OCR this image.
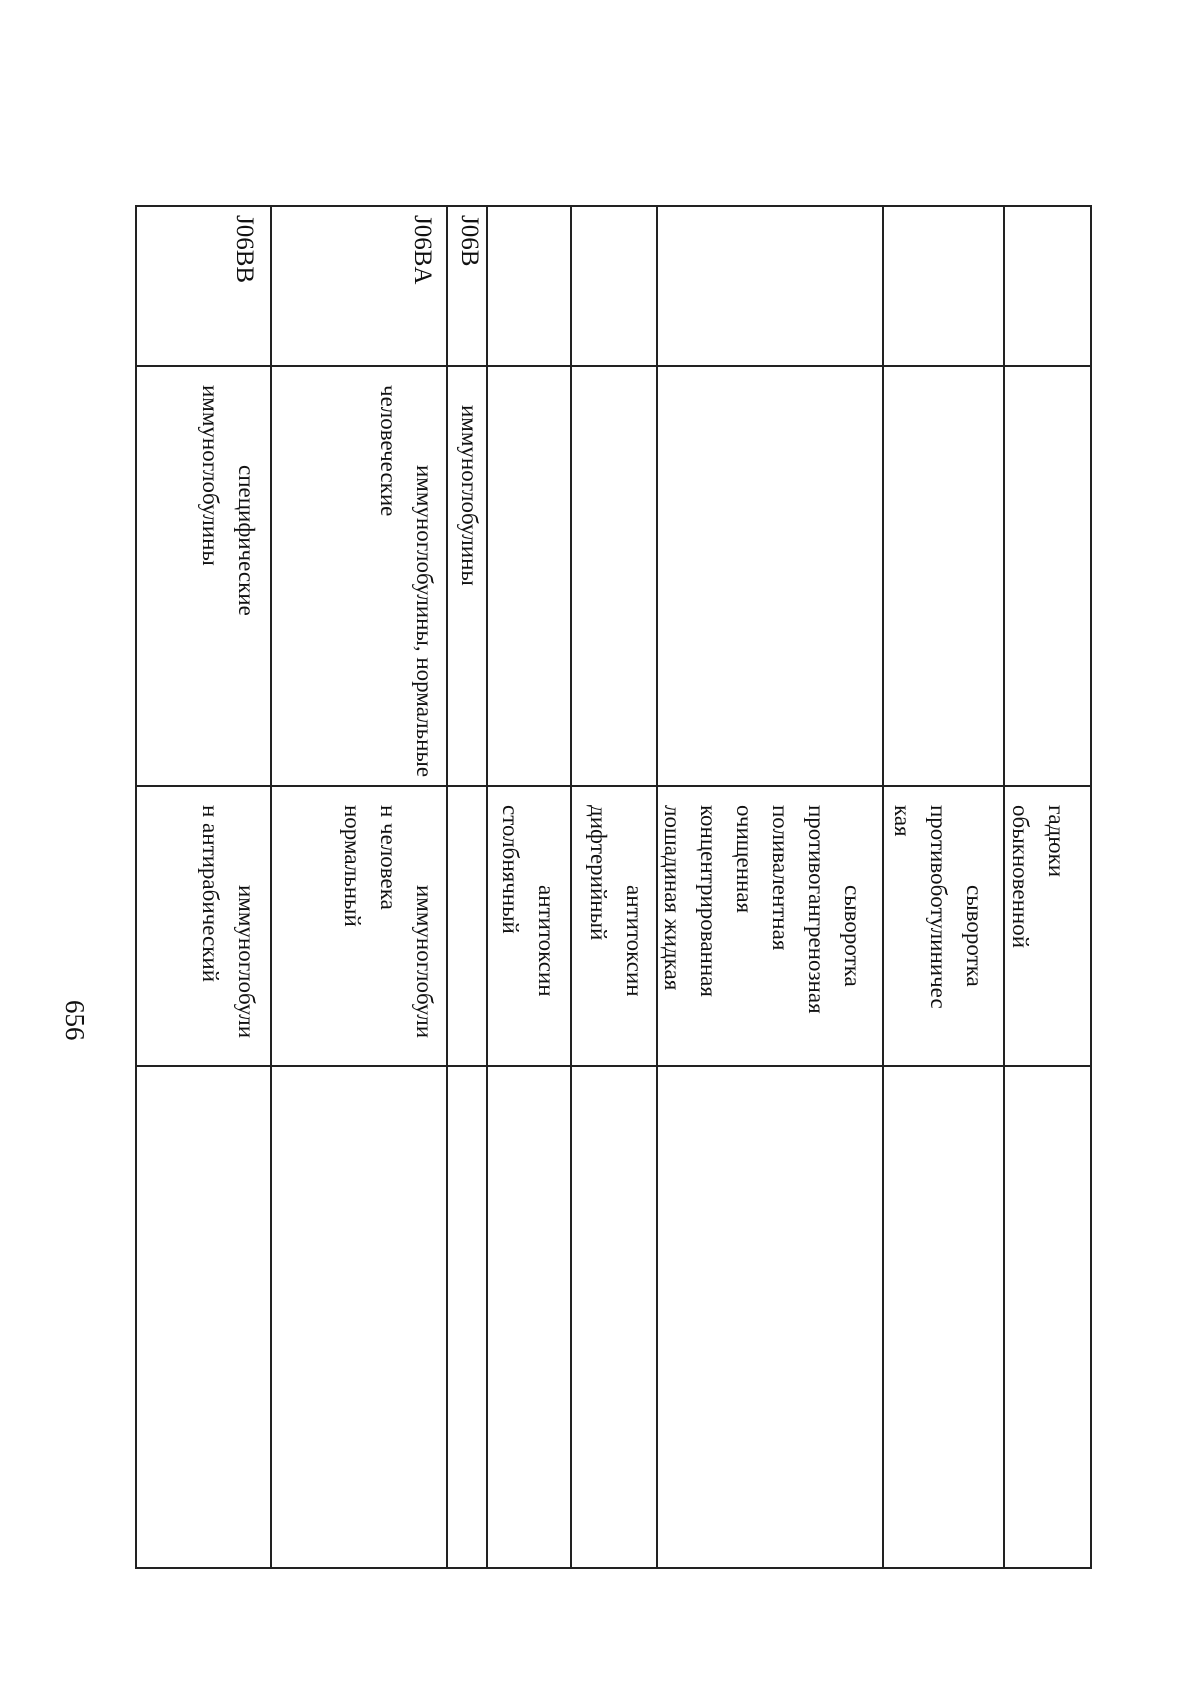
656
гадюки
обыкновенной
сыворотка
противоботулиничес
кая
сыворотка
противогангренозная
поливалентная
очищенная
концентрированная
лошадиная жидкая
антитоксин
дифтерийный
антитоксин
столбнячный
J06B
иммуноглобулины
J06BA
иммуноглобулины, нормальные
человеческие
иммуноглобули
н человека
нормальный
J06BB
специфические
иммуноглобулины
иммуноглобули
н антирабический
